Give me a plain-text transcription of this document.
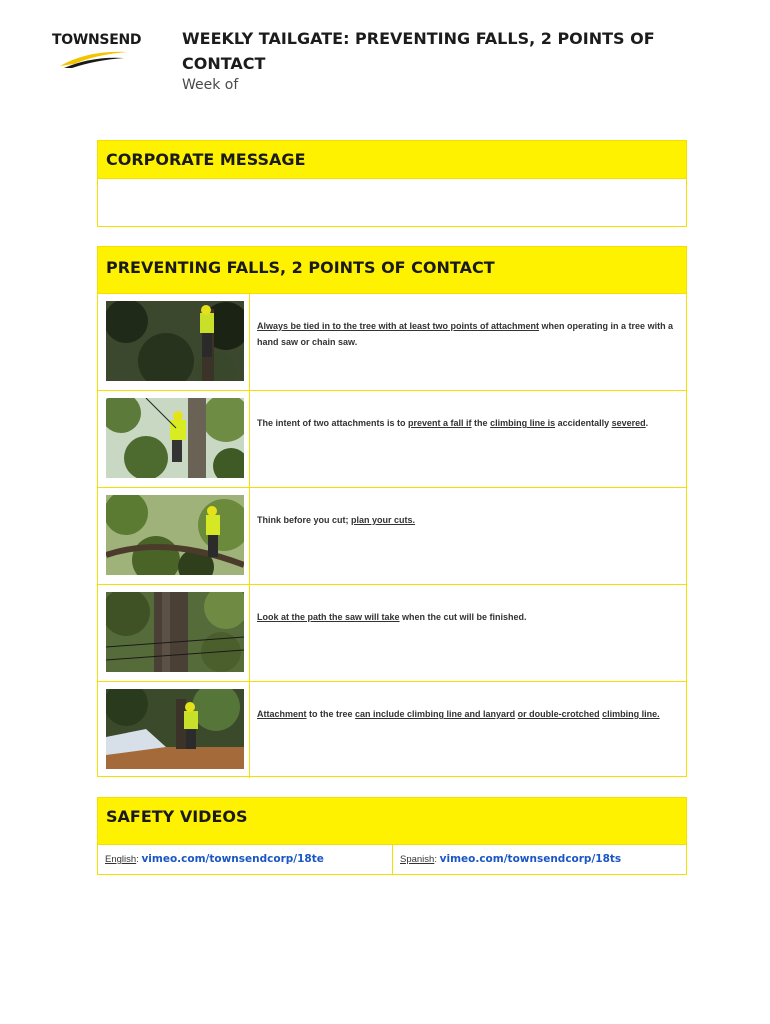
TOWNSEND	WEEKLY TAILGATE: PREVENTING FALLS, 2 POINTS OF CONTACT
Week of
CORPORATE MESSAGE
PREVENTING FALLS, 2 POINTS OF CONTACT
Always be tied in to the tree with at least two points of attachment when operating in a tree with a hand saw or chain saw.
The intent of two attachments is to prevent a fall if the climbing line is accidentally severed.
Think before you cut; plan your cuts.
Look at the path the saw will take when the cut will be finished.
Attachment to the tree can include climbing line and lanyard or double-crotched climbing line.
SAFETY VIDEOS
English: vimeo.com/townsendcorp/18te	Spanish: vimeo.com/townsendcorp/18ts
